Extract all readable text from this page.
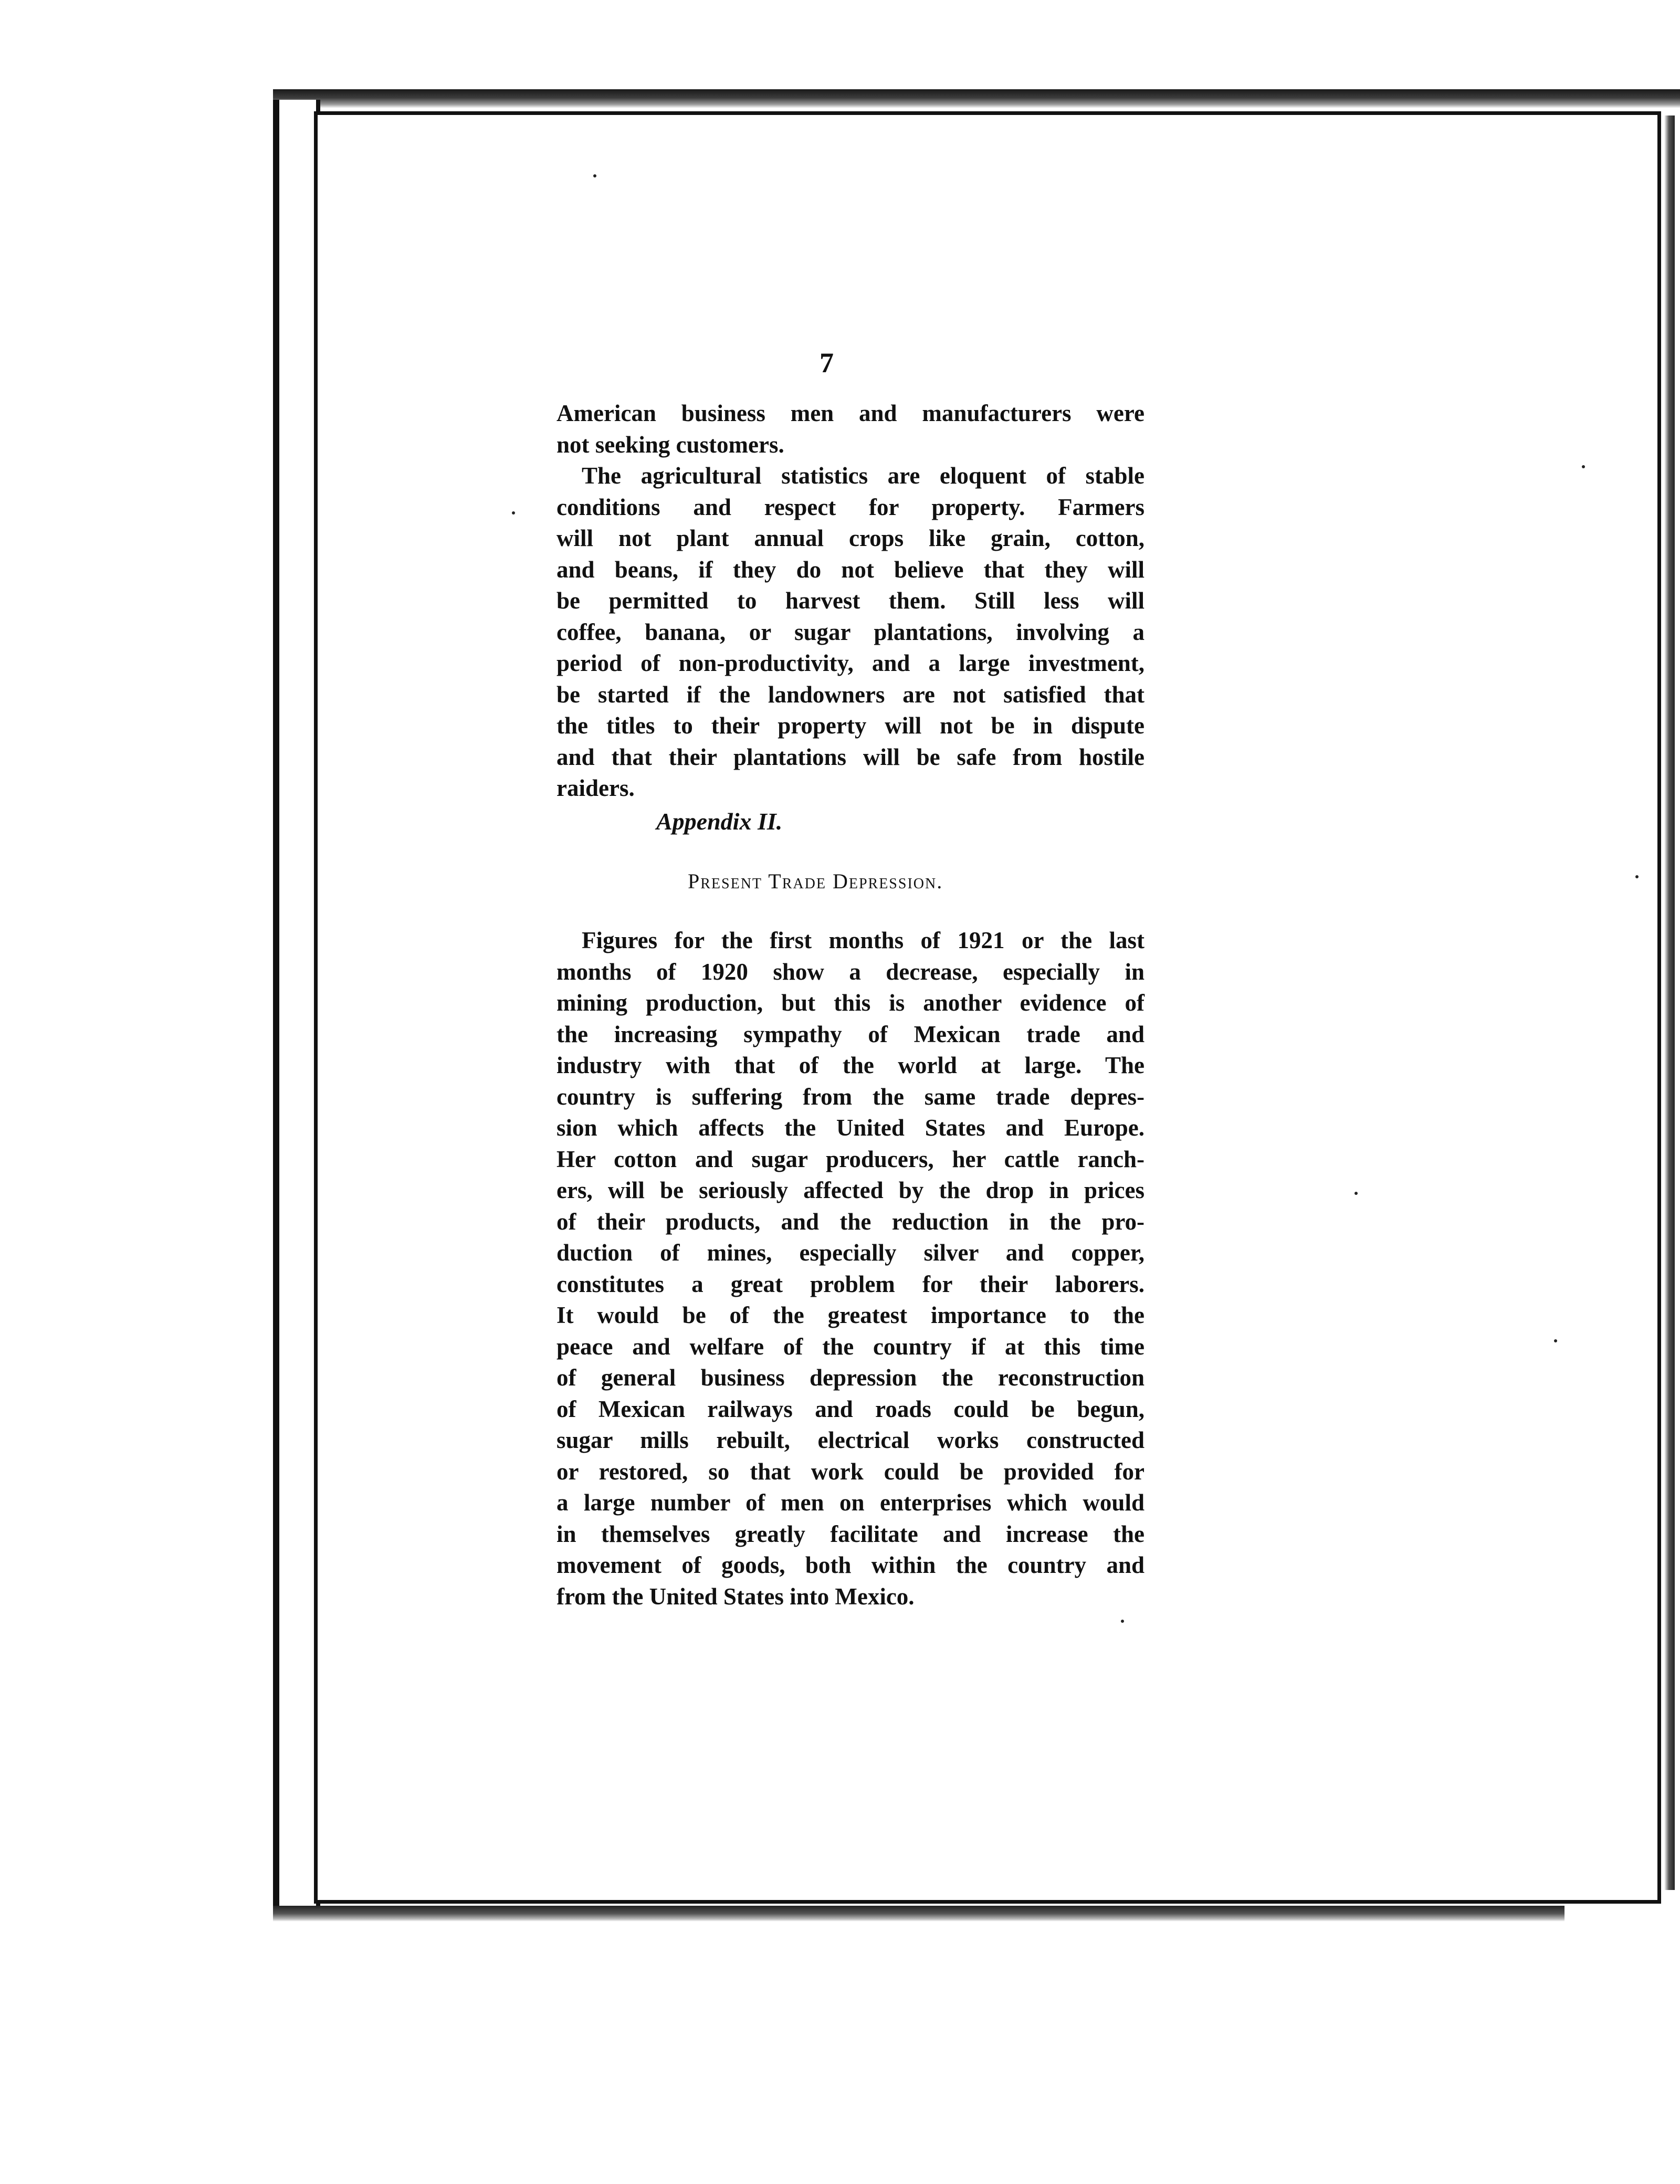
7
American business men and manufacturers were
not seeking customers.
The agricultural statistics are eloquent of stable
conditions and respect for property. Farmers
will not plant annual crops like grain, cotton,
and beans, if they do not believe that they will
be permitted to harvest them. Still less will
coffee, banana, or sugar plantations, involving a
period of non-productivity, and a large investment,
be started if the landowners are not satisfied that
the titles to their property will not be in dispute
and that their plantations will be safe from hostile
raiders.
Appendix II.
Present Trade Depression.
Figures for the first months of 1921 or the last
months of 1920 show a decrease, especially in
mining production, but this is another evidence of
the increasing sympathy of Mexican trade and
industry with that of the world at large. The
country is suffering from the same trade depres-
sion which affects the United States and Europe.
Her cotton and sugar producers, her cattle ranch-
ers, will be seriously affected by the drop in prices
of their products, and the reduction in the pro-
duction of mines, especially silver and copper,
constitutes a great problem for their laborers.
It would be of the greatest importance to the
peace and welfare of the country if at this time
of general business depression the reconstruction
of Mexican railways and roads could be begun,
sugar mills rebuilt, electrical works constructed
or restored, so that work could be provided for
a large number of men on enterprises which would
in themselves greatly facilitate and increase the
movement of goods, both within the country and
from the United States into Mexico.
